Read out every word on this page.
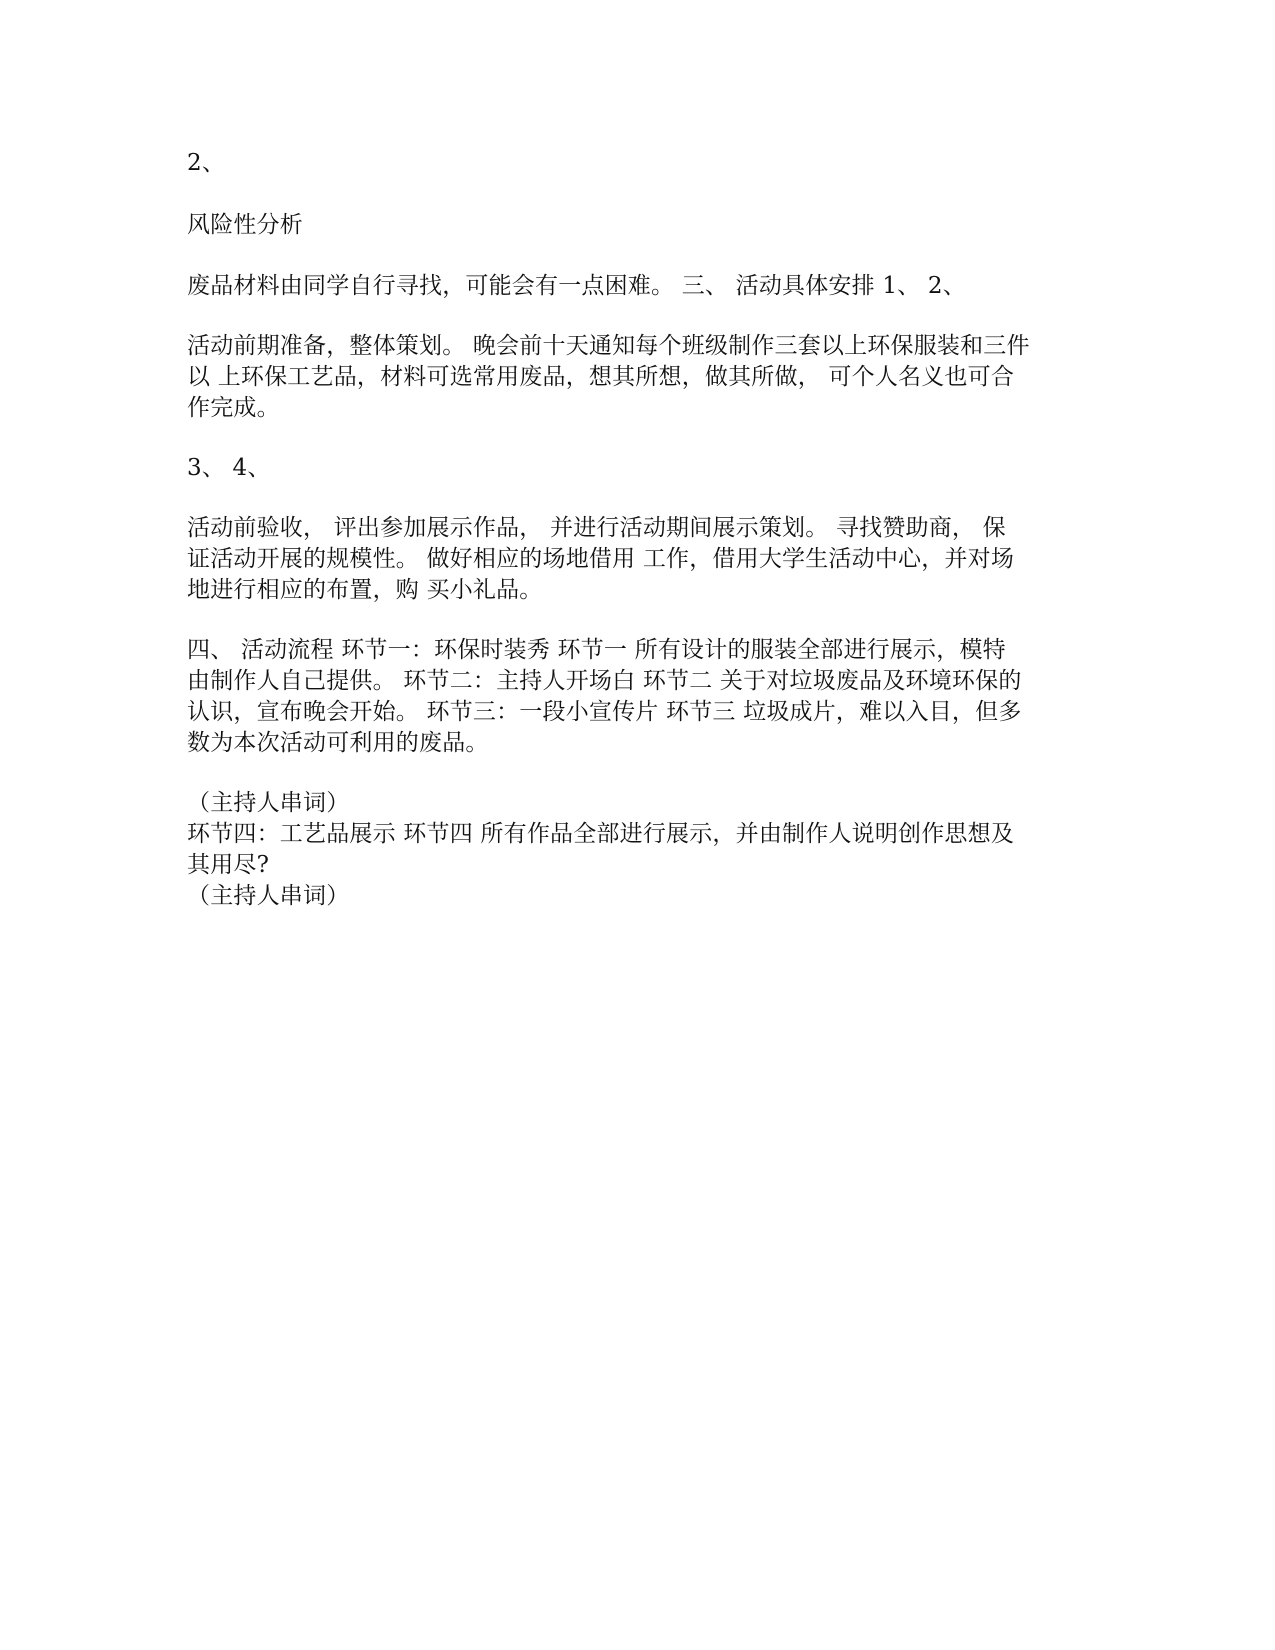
2、
风险性分析
废品材料由同学自行寻找，可能会有一点困难。 三、 活动具体安排 1、 2、
活动前期准备，整体策划。 晚会前十天通知每个班级制作三套以上环保服装和三件
以 上环保工艺品，材料可选常用废品，想其所想，做其所做， 可个人名义也可合
作完成。
3、 4、
活动前验收， 评出参加展示作品， 并进行活动期间展示策划。 寻找赞助商， 保
证活动开展的规模性。 做好相应的场地借用 工作，借用大学生活动中心，并对场
地进行相应的布置，购 买小礼品。
四、 活动流程 环节一：环保时装秀 环节一 所有设计的服装全部进行展示，模特
由制作人自己提供。 环节二：主持人开场白 环节二 关于对垃圾废品及环境环保的
认识，宣布晚会开始。 环节三：一段小宣传片 环节三 垃圾成片，难以入目，但多
数为本次活动可利用的废品。
（主持人串词）
环节四：工艺品展示 环节四 所有作品全部进行展示，并由制作人说明创作思想及
其用尽?
（主持人串词）
